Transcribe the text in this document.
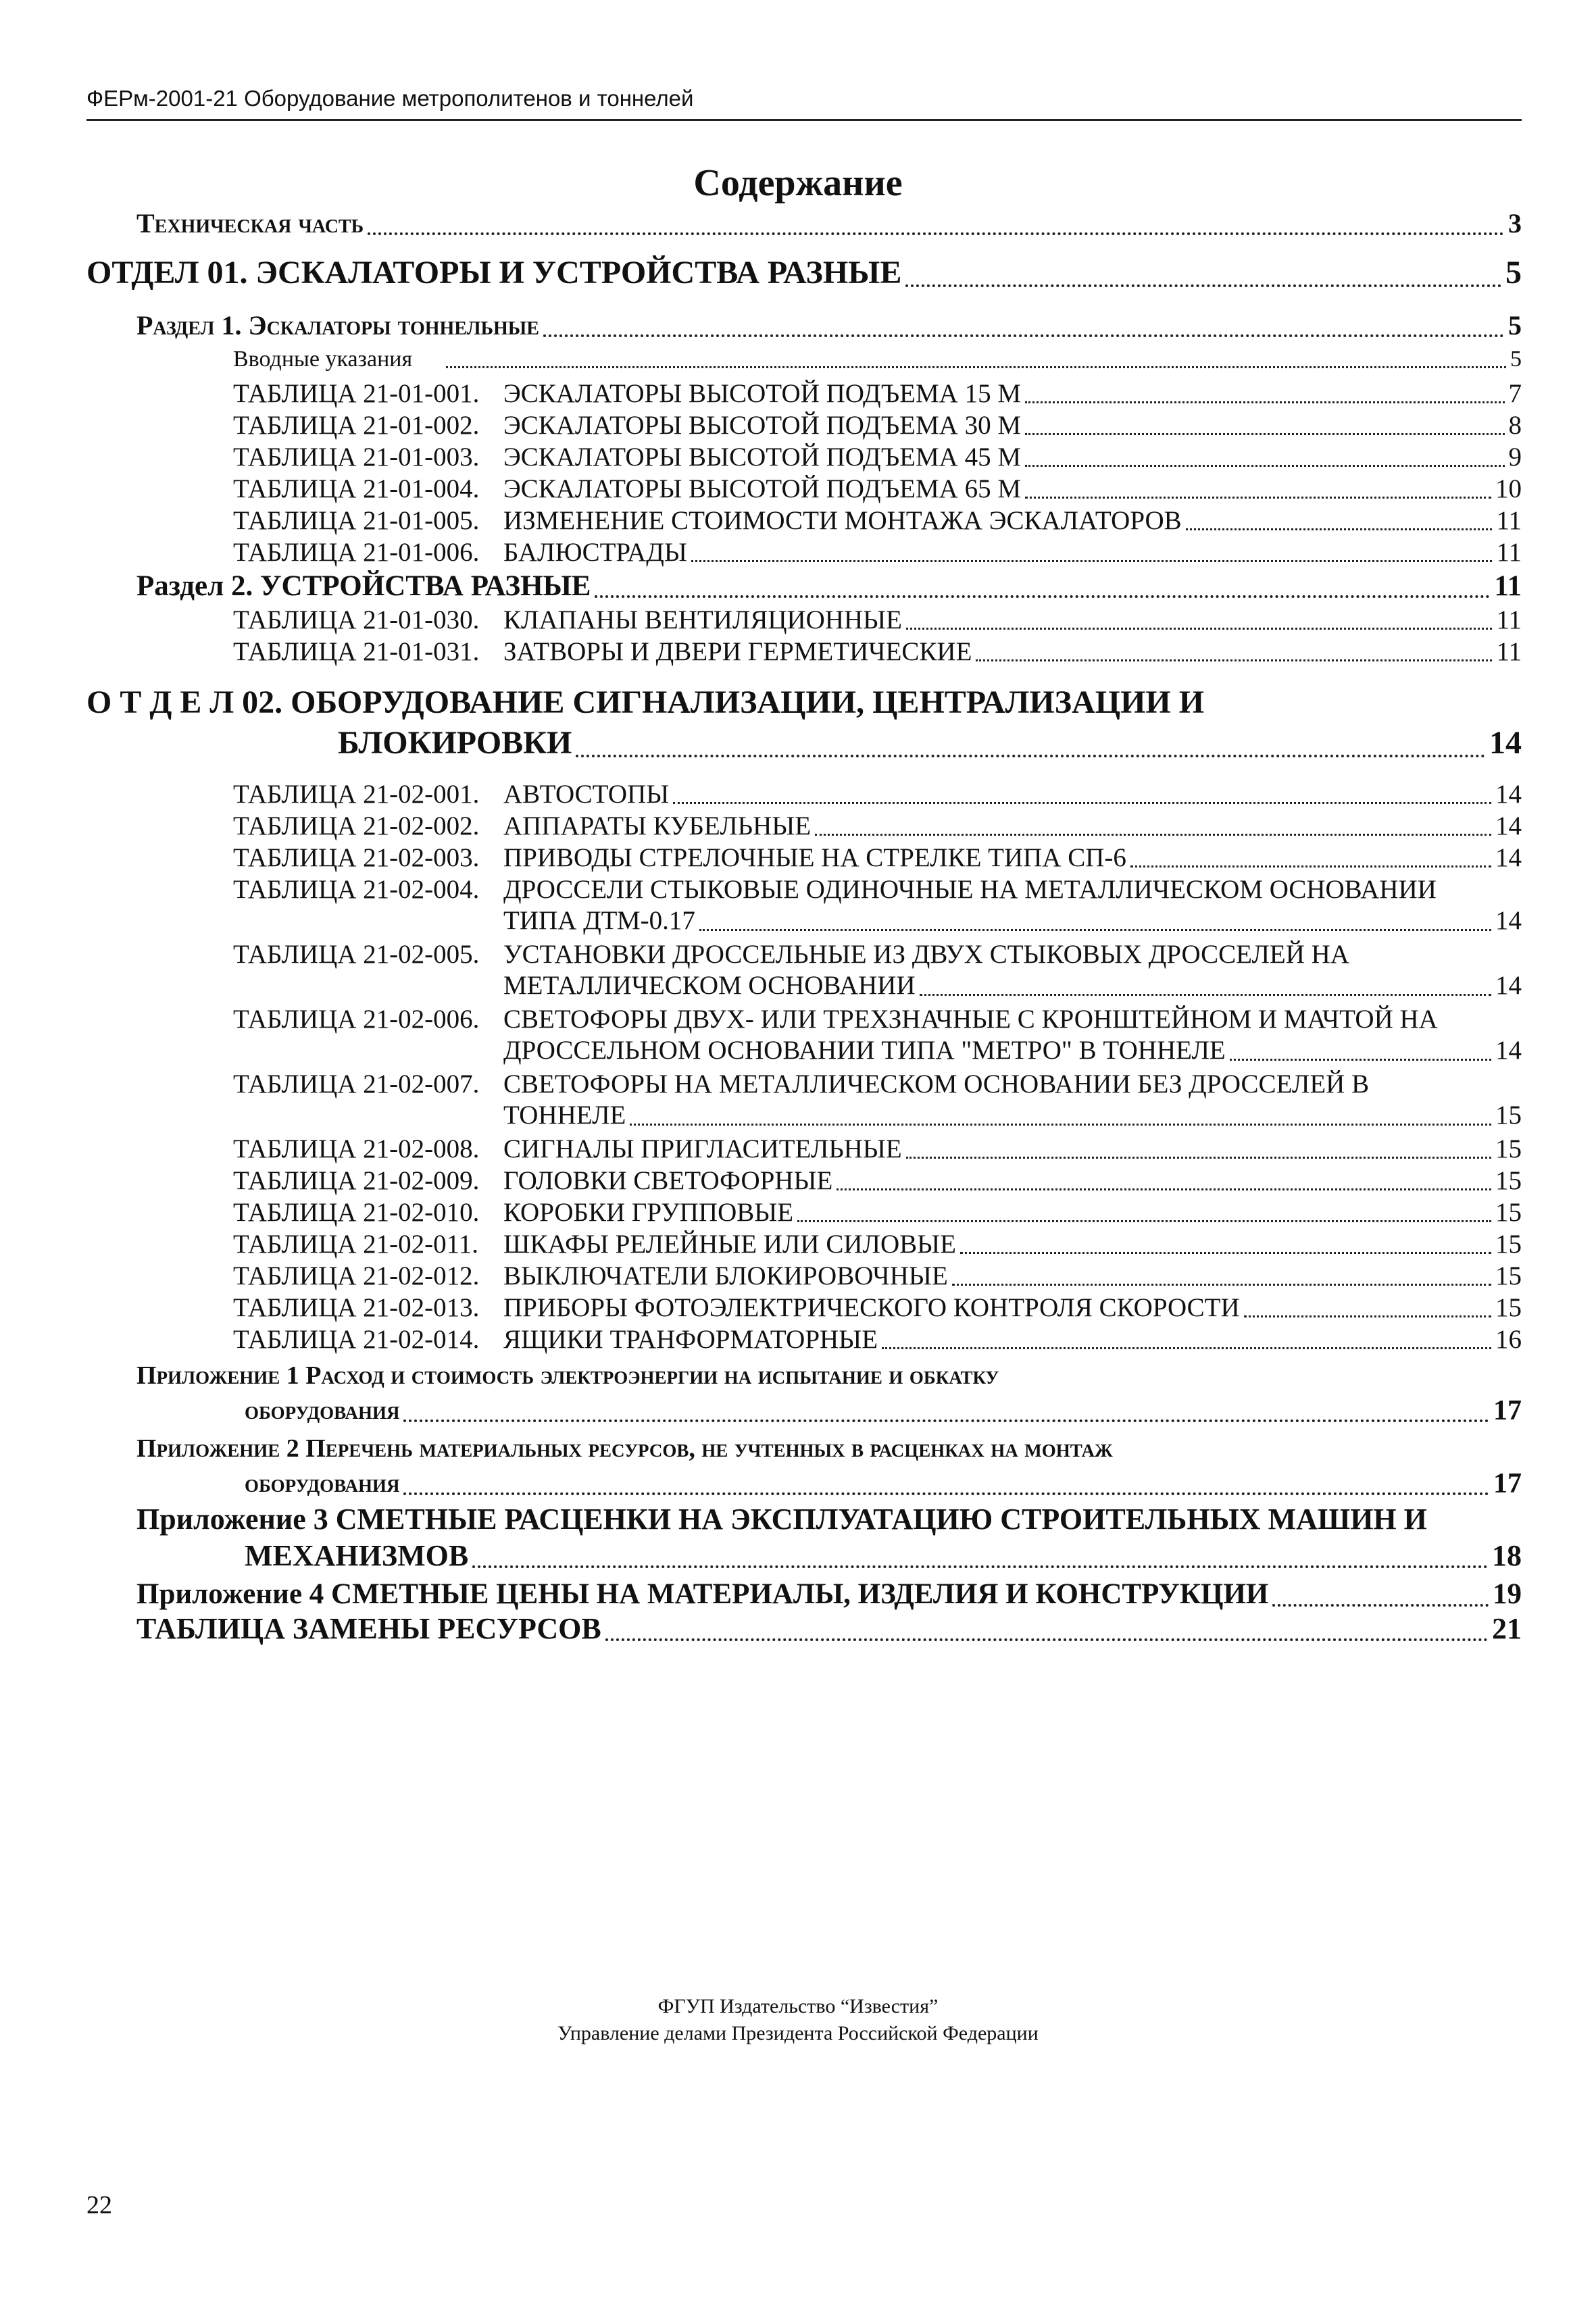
ФЕРм-2001-21 Оборудование метрополитенов и тоннелей
Содержание
Техническая часть	3
ОТДЕЛ 01. ЭСКАЛАТОРЫ И УСТРОЙСТВА РАЗНЫЕ	5
Раздел 1. Эскалаторы тоннельные	5
Вводные указания	5
ТАБЛИЦА 21-01-001. ЭСКАЛАТОРЫ ВЫСОТОЙ ПОДЪЕМА 15 М	7
ТАБЛИЦА 21-01-002. ЭСКАЛАТОРЫ ВЫСОТОЙ ПОДЪЕМА 30 М	8
ТАБЛИЦА 21-01-003. ЭСКАЛАТОРЫ ВЫСОТОЙ ПОДЪЕМА 45 М	9
ТАБЛИЦА 21-01-004. ЭСКАЛАТОРЫ ВЫСОТОЙ ПОДЪЕМА 65 М	10
ТАБЛИЦА 21-01-005. ИЗМЕНЕНИЕ СТОИМОСТИ МОНТАЖА ЭСКАЛАТОРОВ	11
ТАБЛИЦА 21-01-006. БАЛЮСТРАДЫ	11
Раздел 2. УСТРОЙСТВА РАЗНЫЕ	11
ТАБЛИЦА 21-01-030. КЛАПАНЫ ВЕНТИЛЯЦИОННЫЕ	11
ТАБЛИЦА 21-01-031. ЗАТВОРЫ И ДВЕРИ ГЕРМЕТИЧЕСКИЕ	11
О Т Д Е Л 02. ОБОРУДОВАНИЕ СИГНАЛИЗАЦИИ, ЦЕНТРАЛИЗАЦИИ И
БЛОКИРОВКИ	14
ТАБЛИЦА 21-02-001. АВТОСТОПЫ	14
ТАБЛИЦА 21-02-002. АППАРАТЫ КУБЕЛЬНЫЕ	14
ТАБЛИЦА 21-02-003. ПРИВОДЫ СТРЕЛОЧНЫЕ НА СТРЕЛКЕ ТИПА СП-6	14
ТАБЛИЦА 21-02-004. ДРОССЕЛИ СТЫКОВЫЕ ОДИНОЧНЫЕ НА МЕТАЛЛИЧЕСКОМ ОСНОВАНИИ
ТИПА ДТМ-0.17	14
ТАБЛИЦА 21-02-005. УСТАНОВКИ ДРОССЕЛЬНЫЕ ИЗ ДВУХ СТЫКОВЫХ ДРОССЕЛЕЙ НА
МЕТАЛЛИЧЕСКОМ ОСНОВАНИИ	14
ТАБЛИЦА 21-02-006. СВЕТОФОРЫ ДВУХ- ИЛИ ТРЕХЗНАЧНЫЕ С КРОНШТЕЙНОМ И МАЧТОЙ НА
ДРОССЕЛЬНОМ ОСНОВАНИИ ТИПА "МЕТРО" В ТОННЕЛЕ	14
ТАБЛИЦА 21-02-007. СВЕТОФОРЫ НА МЕТАЛЛИЧЕСКОМ ОСНОВАНИИ БЕЗ ДРОССЕЛЕЙ В
ТОННЕЛЕ	15
ТАБЛИЦА 21-02-008. СИГНАЛЫ ПРИГЛАСИТЕЛЬНЫЕ	15
ТАБЛИЦА 21-02-009. ГОЛОВКИ СВЕТОФОРНЫЕ	15
ТАБЛИЦА 21-02-010. КОРОБКИ ГРУППОВЫЕ	15
ТАБЛИЦА 21-02-011. ШКАФЫ РЕЛЕЙНЫЕ ИЛИ СИЛОВЫЕ	15
ТАБЛИЦА 21-02-012. ВЫКЛЮЧАТЕЛИ БЛОКИРОВОЧНЫЕ	15
ТАБЛИЦА 21-02-013. ПРИБОРЫ ФОТОЭЛЕКТРИЧЕСКОГО КОНТРОЛЯ СКОРОСТИ	15
ТАБЛИЦА 21-02-014. ЯЩИКИ ТРАНФОРМАТОРНЫЕ	16
Приложение 1 Расход и стоимость электроэнергии на испытание и обкатку
оборудования	17
Приложение 2 Перечень материальных ресурсов, не учтенных в расценках на монтаж
оборудования	17
Приложение 3 СМЕТНЫЕ РАСЦЕНКИ НА ЭКСПЛУАТАЦИЮ СТРОИТЕЛЬНЫХ МАШИН И
МЕХАНИЗМОВ	18
Приложение 4 СМЕТНЫЕ ЦЕНЫ НА МАТЕРИАЛЫ, ИЗДЕЛИЯ И КОНСТРУКЦИИ	19
ТАБЛИЦА ЗАМЕНЫ РЕСУРСОВ	21
ФГУП Издательство “Известия”
Управление делами Президента Российской Федерации
22
